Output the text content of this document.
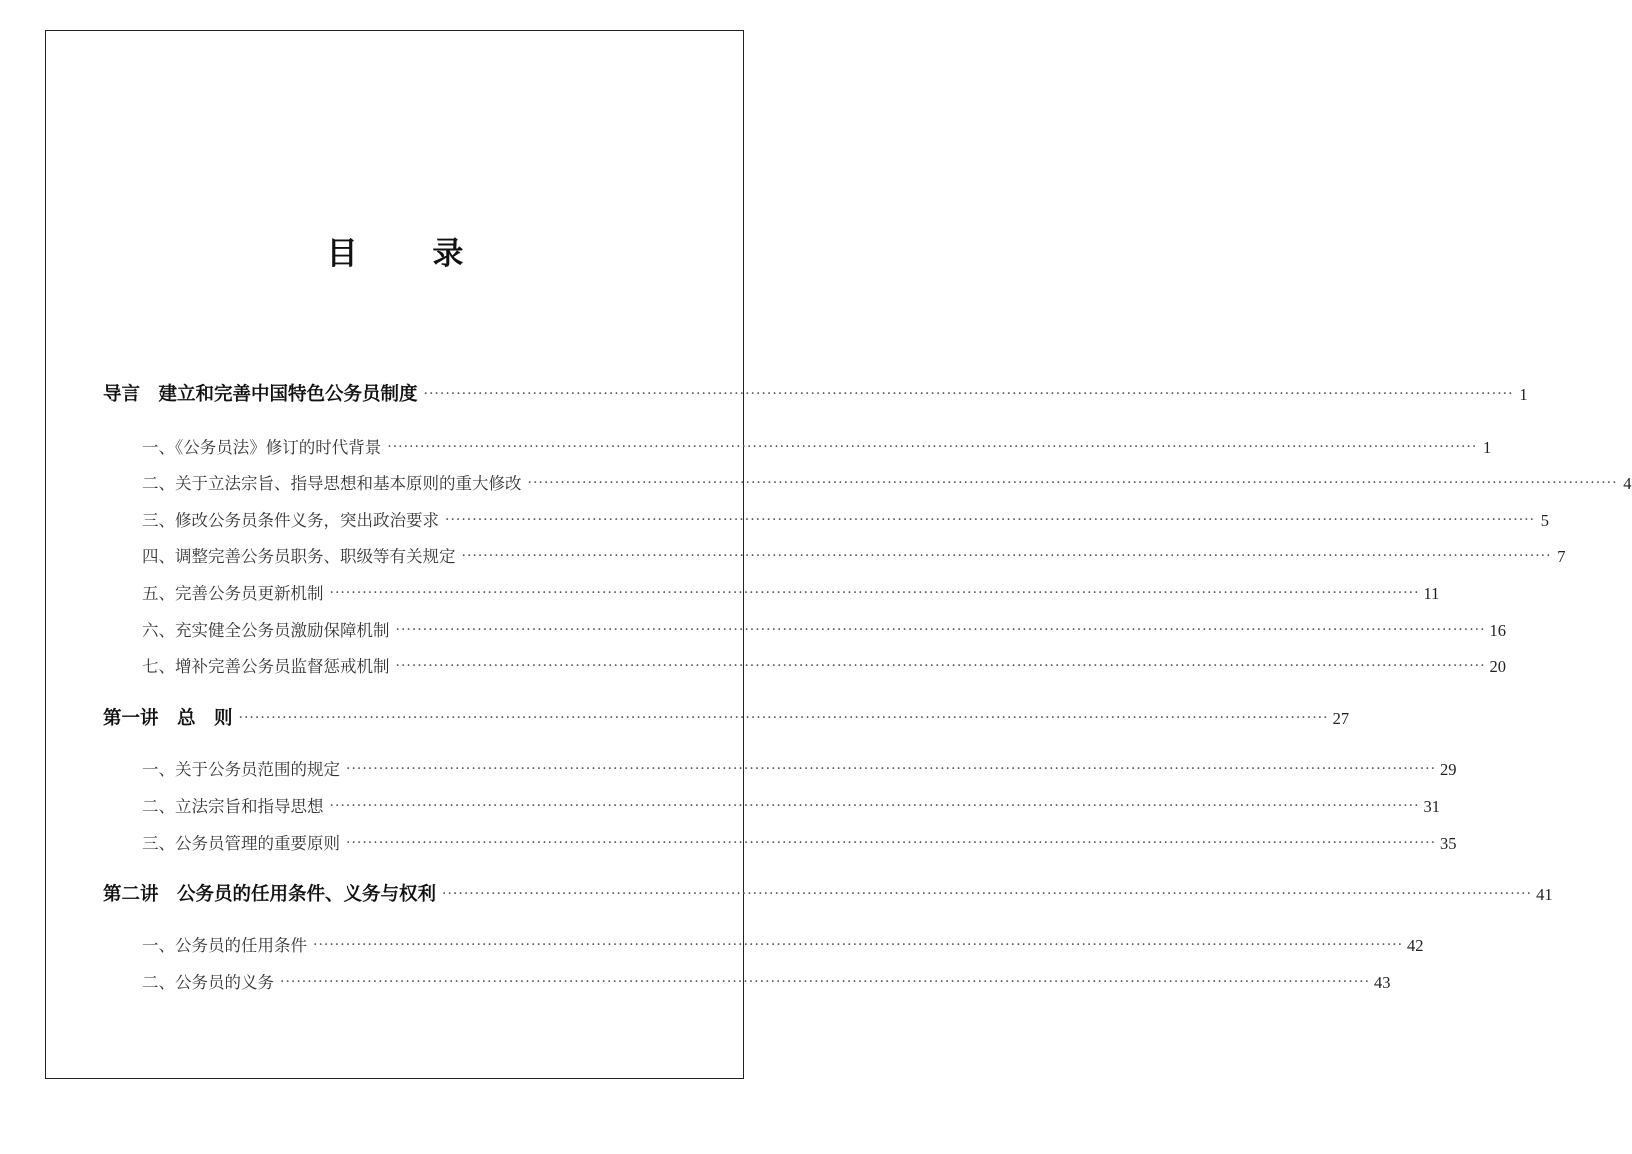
目 录
导言　建立和完善中国特色公务员制度 ········································································································································································································ 1
一、《公务员法》修订的时代背景 ········································································································································································································ 1
二、关于立法宗旨、指导思想和基本原则的重大修改 ········································································································································································································ 4
三、修改公务员条件义务，突出政治要求 ········································································································································································································ 5
四、调整完善公务员职务、职级等有关规定 ········································································································································································································ 7
五、完善公务员更新机制 ········································································································································································································ 11
六、充实健全公务员激励保障机制 ········································································································································································································ 16
七、增补完善公务员监督惩戒机制 ········································································································································································································ 20
第一讲　总　则 ········································································································································································································ 27
一、关于公务员范围的规定 ········································································································································································································ 29
二、立法宗旨和指导思想 ········································································································································································································ 31
三、公务员管理的重要原则 ········································································································································································································ 35
第二讲　公务员的任用条件、义务与权利 ········································································································································································································ 41
一、公务员的任用条件 ········································································································································································································ 42
二、公务员的义务 ········································································································································································································ 43
